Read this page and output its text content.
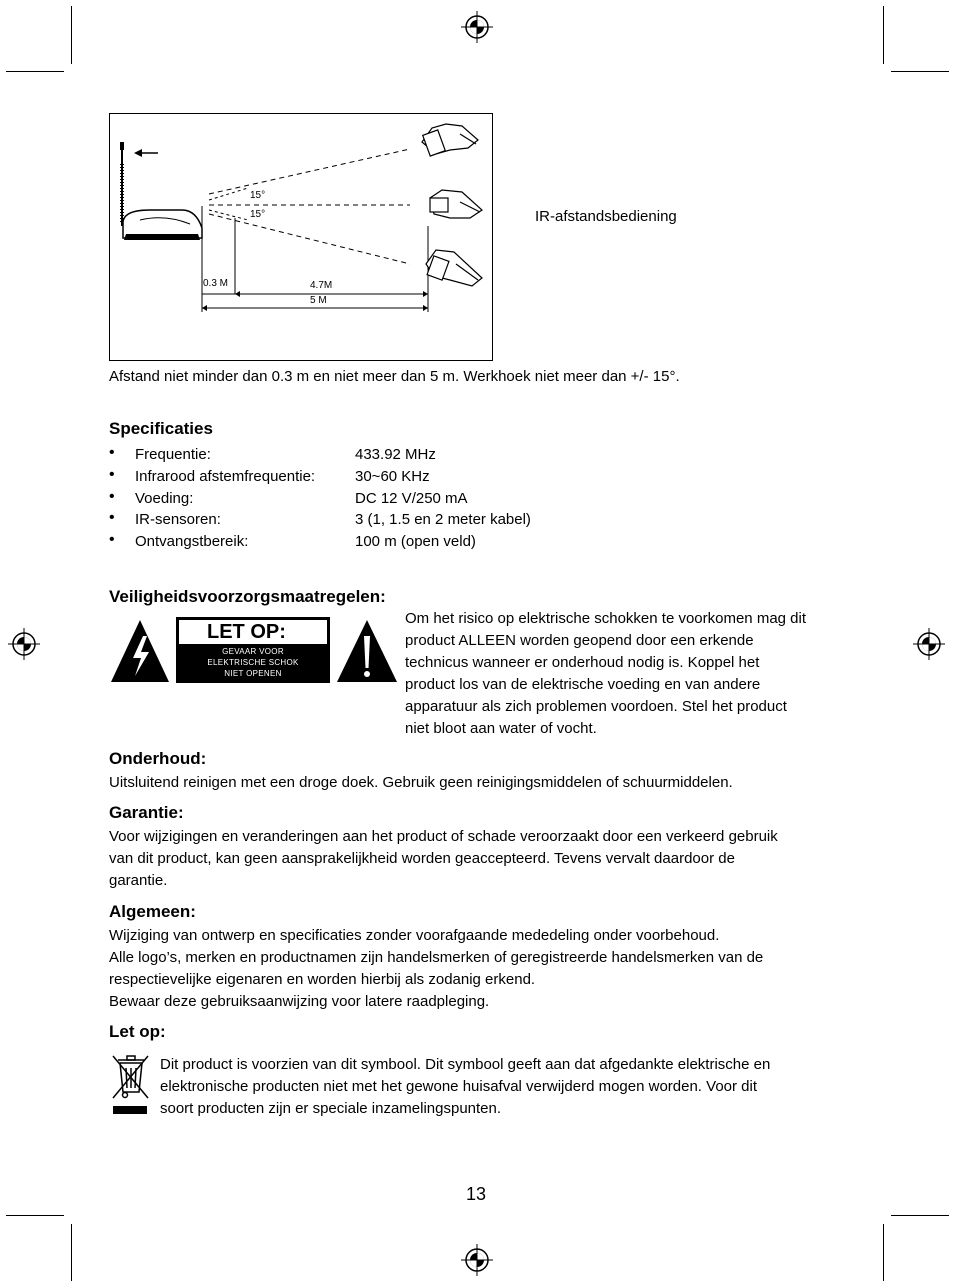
15°
15°
0.3 M	4.7M
5 M
IR-afstandsbediening
Afstand niet minder dan 0.3 m en niet meer dan 5 m. Werkhoek niet meer dan +/- 15°.
Specificaties
• Frequentie:	433.92 MHz
• Infrarood afstemfrequentie:	30~60 KHz
• Voeding:	DC 12 V/250 mA
• IR-sensoren:	3 (1, 1.5 en 2 meter kabel)
• Ontvangstbereik:	100 m (open veld)
Veiligheidsvoorzorgsmaatregelen:
LET OP:
GEVAAR VOOR
ELEKTRISCHE SCHOK
NIET OPENEN
Om het risico op elektrische schokken te voorkomen mag dit
product ALLEEN worden geopend door een erkende
technicus wanneer er onderhoud nodig is. Koppel het
product los van de elektrische voeding en van andere
apparatuur als zich problemen voordoen. Stel het product
niet bloot aan water of vocht.
Onderhoud:
Uitsluitend reinigen met een droge doek. Gebruik geen reinigingsmiddelen of schuurmiddelen.
Garantie:
Voor wijzigingen en veranderingen aan het product of schade veroorzaakt door een verkeerd gebruik
van dit product, kan geen aansprakelijkheid worden geaccepteerd. Tevens vervalt daardoor de
garantie.
Algemeen:
Wijziging van ontwerp en specificaties zonder voorafgaande mededeling onder voorbehoud.
Alle logo’s, merken en productnamen zijn handelsmerken of geregistreerde handelsmerken van de
respectievelijke eigenaren en worden hierbij als zodanig erkend.
Bewaar deze gebruiksaanwijzing voor latere raadpleging.
Let op:
Dit product is voorzien van dit symbool. Dit symbool geeft aan dat afgedankte elektrische en
elektronische producten niet met het gewone huisafval verwijderd mogen worden. Voor dit
soort producten zijn er speciale inzamelingspunten.
13
